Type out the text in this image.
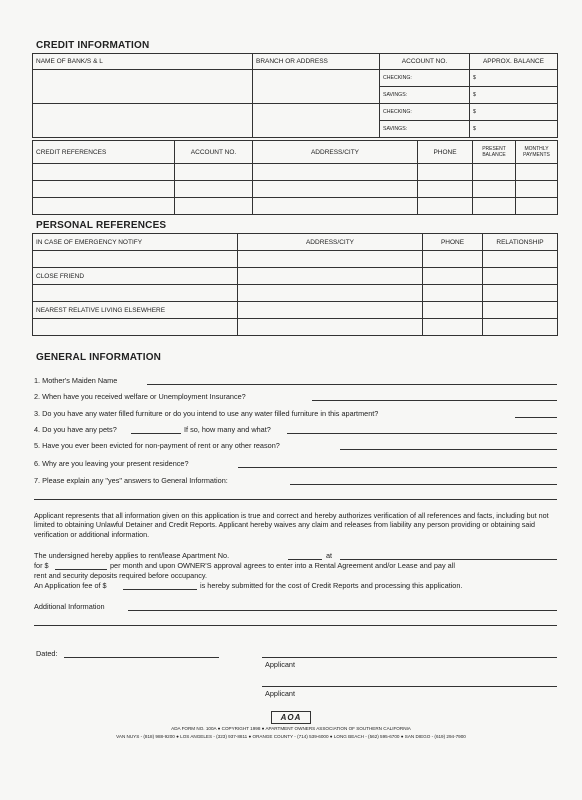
CREDIT INFORMATION
NAME OF BANK/S & L	BRANCH OR ADDRESS	ACCOUNT NO.	APPROX. BALANCE
		CHECKING:	$
		SAVINGS:	$
		CHECKING:	$
		SAVINGS:	$
CREDIT REFERENCES	ACCOUNT NO.	ADDRESS/CITY	PHONE	PRESENT BALANCE	MONTHLY PAYMENTS

PERSONAL REFERENCES
IN CASE OF EMERGENCY NOTIFY	ADDRESS/CITY	PHONE	RELATIONSHIP

CLOSE FRIEND			

NEAREST RELATIVE LIVING ELSEWHERE			

GENERAL INFORMATION
1. Mother's Maiden Name
2. When have you received welfare or Unemployment Insurance?
3. Do you have any water filled furniture or do you intend to use any water filled furniture in this apartment?
4. Do you have any pets?	If so, how many and what?
5. Have you ever been evicted for non-payment of rent or any other reason?
6. Why are you leaving your present residence?
7. Please explain any "yes" answers to General Information:
Applicant represents that all information given on this application is true and correct and hereby authorizes verification of all references and facts, including but not limited to obtaining Unlawful Detainer and Credit Reports. Applicant hereby waives any claim and releases from liability any person providing or obtaining said verification or additional information.
The undersigned hereby applies to rent/lease Apartment No.	at
for $	per month and upon OWNER'S approval agrees to enter into a Rental Agreement and/or Lease and pay all
rent and security deposits required before occupancy.
An Application fee of $	is hereby submitted for the cost of Credit Reports and processing this application.
Additional Information
Dated:
Applicant
Applicant
AOA
ADA FORM NO. 100A ● COPYRIGHT 1998 ● APARTMENT OWNERS ASSOCIATION OF SOUTHERN CALIFORNIA
VAN NUYS - (818) 988-9200 ● LOS ANGELES - (323) 937-8811 ● ORANGE COUNTY - (714) 539-6000 ● LONG BEACH - (562) 595-6700 ● SAN DIEGO - (619) 294-7900
